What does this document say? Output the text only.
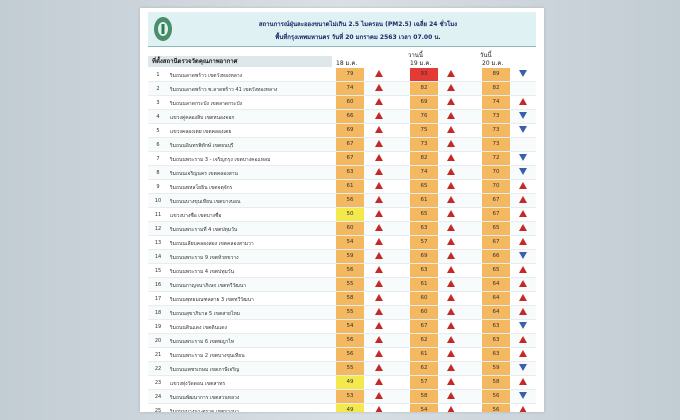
สถานการณ์ฝุ่นละอองขนาดไม่เกิน 2.5 ไมครอน (PM2.5) เฉลี่ย 24 ชั่วโมง
พื้นที่กรุงเทพมหานคร วันที่ 20 มกราคม 2563 เวลา 07.00 น.
วานนี้	วันนี้
ที่ตั้งสถานีตรวจวัดคุณภาพอากาศ	18 ม.ค.	19 ม.ค.	20 ม.ค.
1	ริมถนนลาดพร้าว เขตวังทองหลาง	79	93	89
2	ริมถนนลาดพร้าว ซ.ลาดพร้าว 41 เขตวังทองหลาง	74	82	82
3	ริมถนนลาดกระบัง เขตลาดกระบัง	60	69	74
4	แขวงคู่คลองสิบ เขตหนองจอก	66	76	73
5	แขวงคลองเตย เขตคลองเตย	69	75	73
6	ริมถนนอินทรพิทักษ์ เขตธนบุรี	67	73	73
7	ริมถนนพระราม 3 - เจริญกรุง เขตบางคอแหลม	67	82	72
8	ริมถนนเจริญนคร เขตคลองสาน	63	74	70
9	ริมถนนพหลโยธิน เขตจตุจักร	61	65	70
10	ริมถนนบางขุนเทียน เขตบางบอน	56	61	67
11	แขวงบางซื่อ เขตบางซื่อ	50	65	67
12	ริมถนนพระรามที่ 4 เขตปทุมวัน	60	63	65
13	ริมถนนเลียบคลองสอง เขตคลองสามวา	54	57	67
14	ริมถนนพระราม 9 เขตห้วยขวาง	59	69	66
15	ริมถนนพระราม 4 เขตปทุมวัน	56	63	65
16	ริมถนนกาญจนาภิเษก เขตทวีวัฒนา	55	61	64
17	ริมถนนพุทธมณฑลสาย 3 เขตทวีวัฒนา	58	60	64
18	ริมถนนสุขาภิบาล 5 เขตสายไหม	55	60	64
19	ริมถนนดินแดง เขตดินแดง	54	67	63
20	ริมถนนพระราม 6 เขตพญาไท	56	62	63
21	ริมถนนพระราม 2 เขตบางขุนเทียน	56	61	63
22	ริมถนนเพชรเกษม เขตภาษีเจริญ	55	62	59
23	แขวงทุ่งวัดดอน เขตสาทร	49	57	58
24	ริมถนนพัฒนาการ เขตสวนหลวง	53	58	56
25	ริมถนนบางนา-ตราด เขตบางนา	49	54	56
